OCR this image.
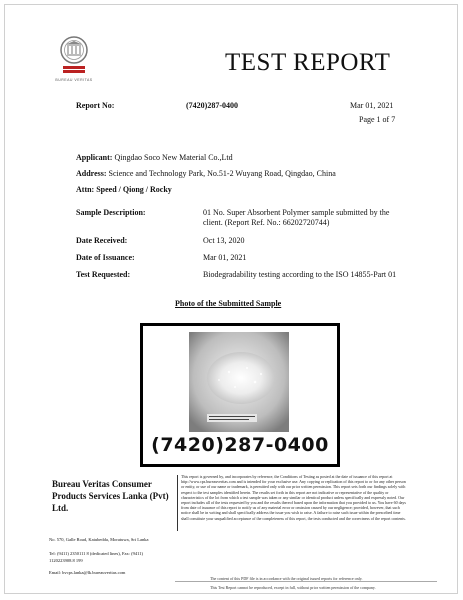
BUREAU VERITAS
TEST REPORT
Report No:	(7420)287-0400	Mar 01, 2021
Page 1 of 7
Applicant: Qingdao Soco New Material Co.,Ltd
Address: Science and Technology Park, No.51-2 Wuyang Road, Qingdao, China
Attn: Speed / Qiong / Rocky
Sample Description:	01 No. Super Absorbent Polymer sample submitted by the
client. (Report Ref. No.: 66202720744)
Date Received:	Oct 13, 2020
Date of Issuance:	Mar 01, 2021
Test Requested:	Biodegradability testing according to the ISO 14855-Part 01
Photo of the Submitted Sample
(7420)287-0400
Bureau Veritas Consumer
Products Services Lanka (Pvt)
Ltd.
This report is governed by, and incorporates by reference, the Conditions of Testing as posted at the date of issuance of this report at
http://www.cps.bureauveritas.com and is intended for your exclusive use. Any copying or replication of this report to or for any other person
or entity, or use of our name or trademark, is permitted only with our prior written permission. This report sets forth our findings solely with
respect to the test samples identified herein. The results set forth in this report are not indicative or representative of the quality or
characteristics of the lot from which a test sample was taken or any similar or identical product unless specifically and expressly noted. Our
report includes all of the tests requested by you and the results thereof based upon the information that you provided to us. You have 60 days
from date of issuance of this report to notify us of any material error or omission caused by our negligence; provided, however, that such
notice shall be in writing and shall specifically address the issue you wish to raise. A failure to raise such issue within the prescribed time
shall constitute your unqualified acceptance of the completeness of this report, the tests conducted and the correctness of the report contents.
No. 570, Galle Road, Katubedda, Moratuwa, Sri Lanka
Tel: (9411) 2350111 8 (dedicated lines), Fax: (9411)
1120223908.8 199
Email: bvcps.lanka@lk.bureauveritas.com
The content of this PDF file is in accordance with the original issued reports for reference only.
This Test Report cannot be reproduced, except in full, without prior written permission of the company.
